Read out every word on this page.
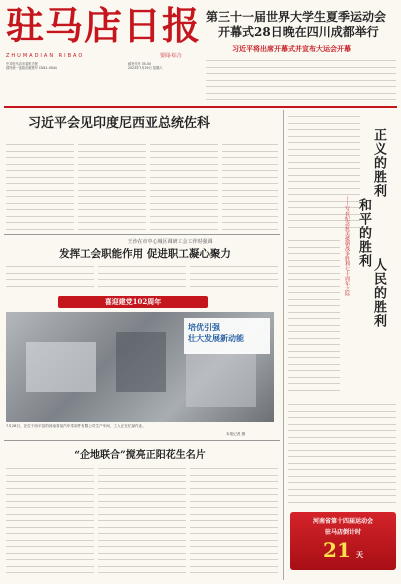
驻马店日报
ZHUMADIAN RIBAO	要闻·综合
中共驻马店市委机关报
国内统一连续出版物号 CN41-0044
邮发代号 35-50
2023年7月29日 星期六
第三十一届世界大学生夏季运动会
开幕式28日晚在四川成都举行
习近平将出席开幕式并宣布大运会开幕
习近平会见印度尼西亚总统佐科
王沙在市中心城区调研工会工作时强调
发挥工会职能作用 促进职工凝心聚力
喜迎建党102周年
培优引强
壮大发展新动能
7月28日，在位于西平县的河南省某汽车零部件有限公司生产车间，工人正在忙碌作业。
本报记者 摄
“企地联合”搅亮正阳花生名片
正义的胜利
和平的胜利
人民的胜利
——写在纪念抗美援朝战争胜利七十周年之际
河南省第十四届运动会
驻马店倒计时
21 天
